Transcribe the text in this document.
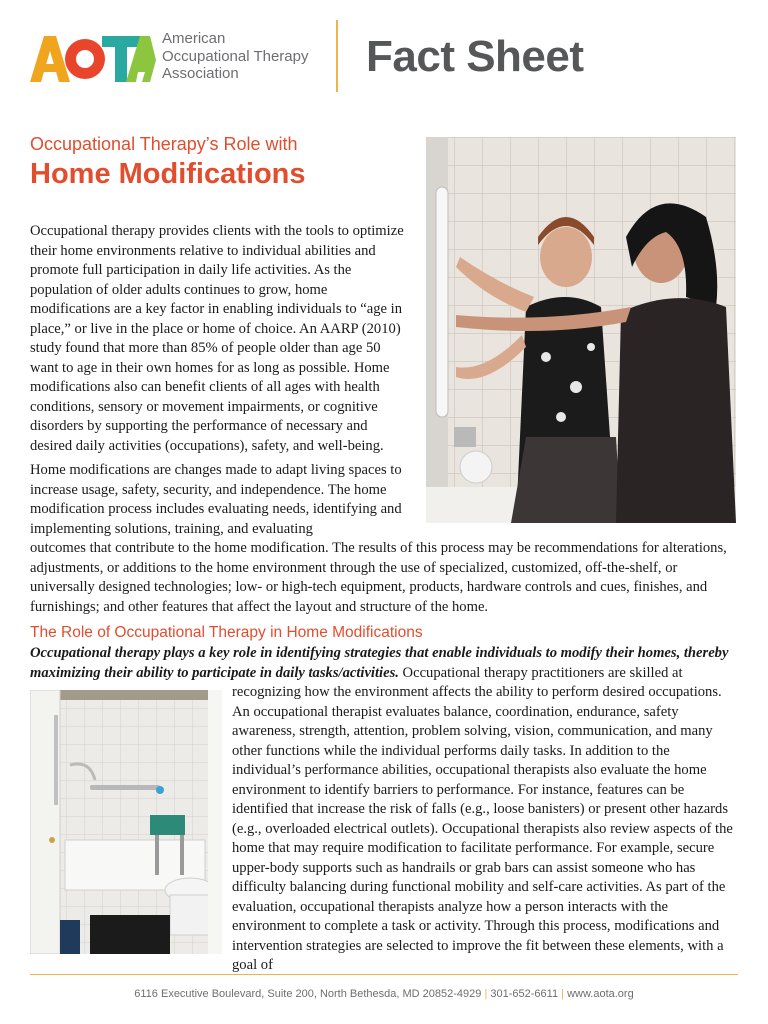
American
Occupational Therapy
Association	Fact Sheet
Occupational Therapy’s Role with
Home Modifications
Occupational therapy provides clients with the tools to optimize their home environments relative to individual abilities and promote full participation in daily life activities. As the population of older adults continues to grow, home modifications are a key factor in enabling individuals to “age in place,” or live in the place or home of choice. An AARP (2010) study found that more than 85% of people older than age 50 want to age in their own homes for as long as possible. Home modifications also can benefit clients of all ages with health conditions, sensory or movement impairments, or cognitive disorders by supporting the performance of necessary and desired daily activities (occupations), safety, and well-being.
Home modifications are changes made to adapt living spaces to increase usage, safety, security, and independence. The home modification process includes evaluating needs, identifying and implementing solutions, training, and evaluating
outcomes that contribute to the home modification. The results of this process may be recommendations for alterations, adjustments, or additions to the home environment through the use of specialized, customized, off-the-shelf, or universally designed technologies; low- or high-tech equipment, products, hardware controls and cues, finishes, and furnishings; and other features that affect the layout and structure of the home.
The Role of Occupational Therapy in Home Modifications
Occupational therapy plays a key role in identifying strategies that enable individuals to modify their homes, thereby maximizing their ability to participate in daily tasks/activities. Occupational therapy practitioners are skilled at
recognizing how the environment affects the ability to perform desired occupations. An occupational therapist evaluates balance, coordination, endurance, safety awareness, strength, attention, problem solving, vision, communication, and many other functions while the individual performs daily tasks. In addition to the individual’s performance abilities, occupational therapists also evaluate the home environment to identify barriers to performance. For instance, features can be identified that increase the risk of falls (e.g., loose banisters) or present other hazards (e.g., overloaded electrical outlets). Occupational therapists also review aspects of the home that may require modification to facilitate performance. For example, secure upper-body supports such as handrails or grab bars can assist someone who has difficulty balancing during functional mobility and self-care activities. As part of the evaluation, occupational therapists analyze how a person interacts with the environment to complete a task or activity. Through this process, modifications and intervention strategies are selected to improve the fit between these elements, with a goal of
6116 Executive Boulevard, Suite 200, North Bethesda, MD 20852-4929 | 301-652-6611 | www.aota.org
